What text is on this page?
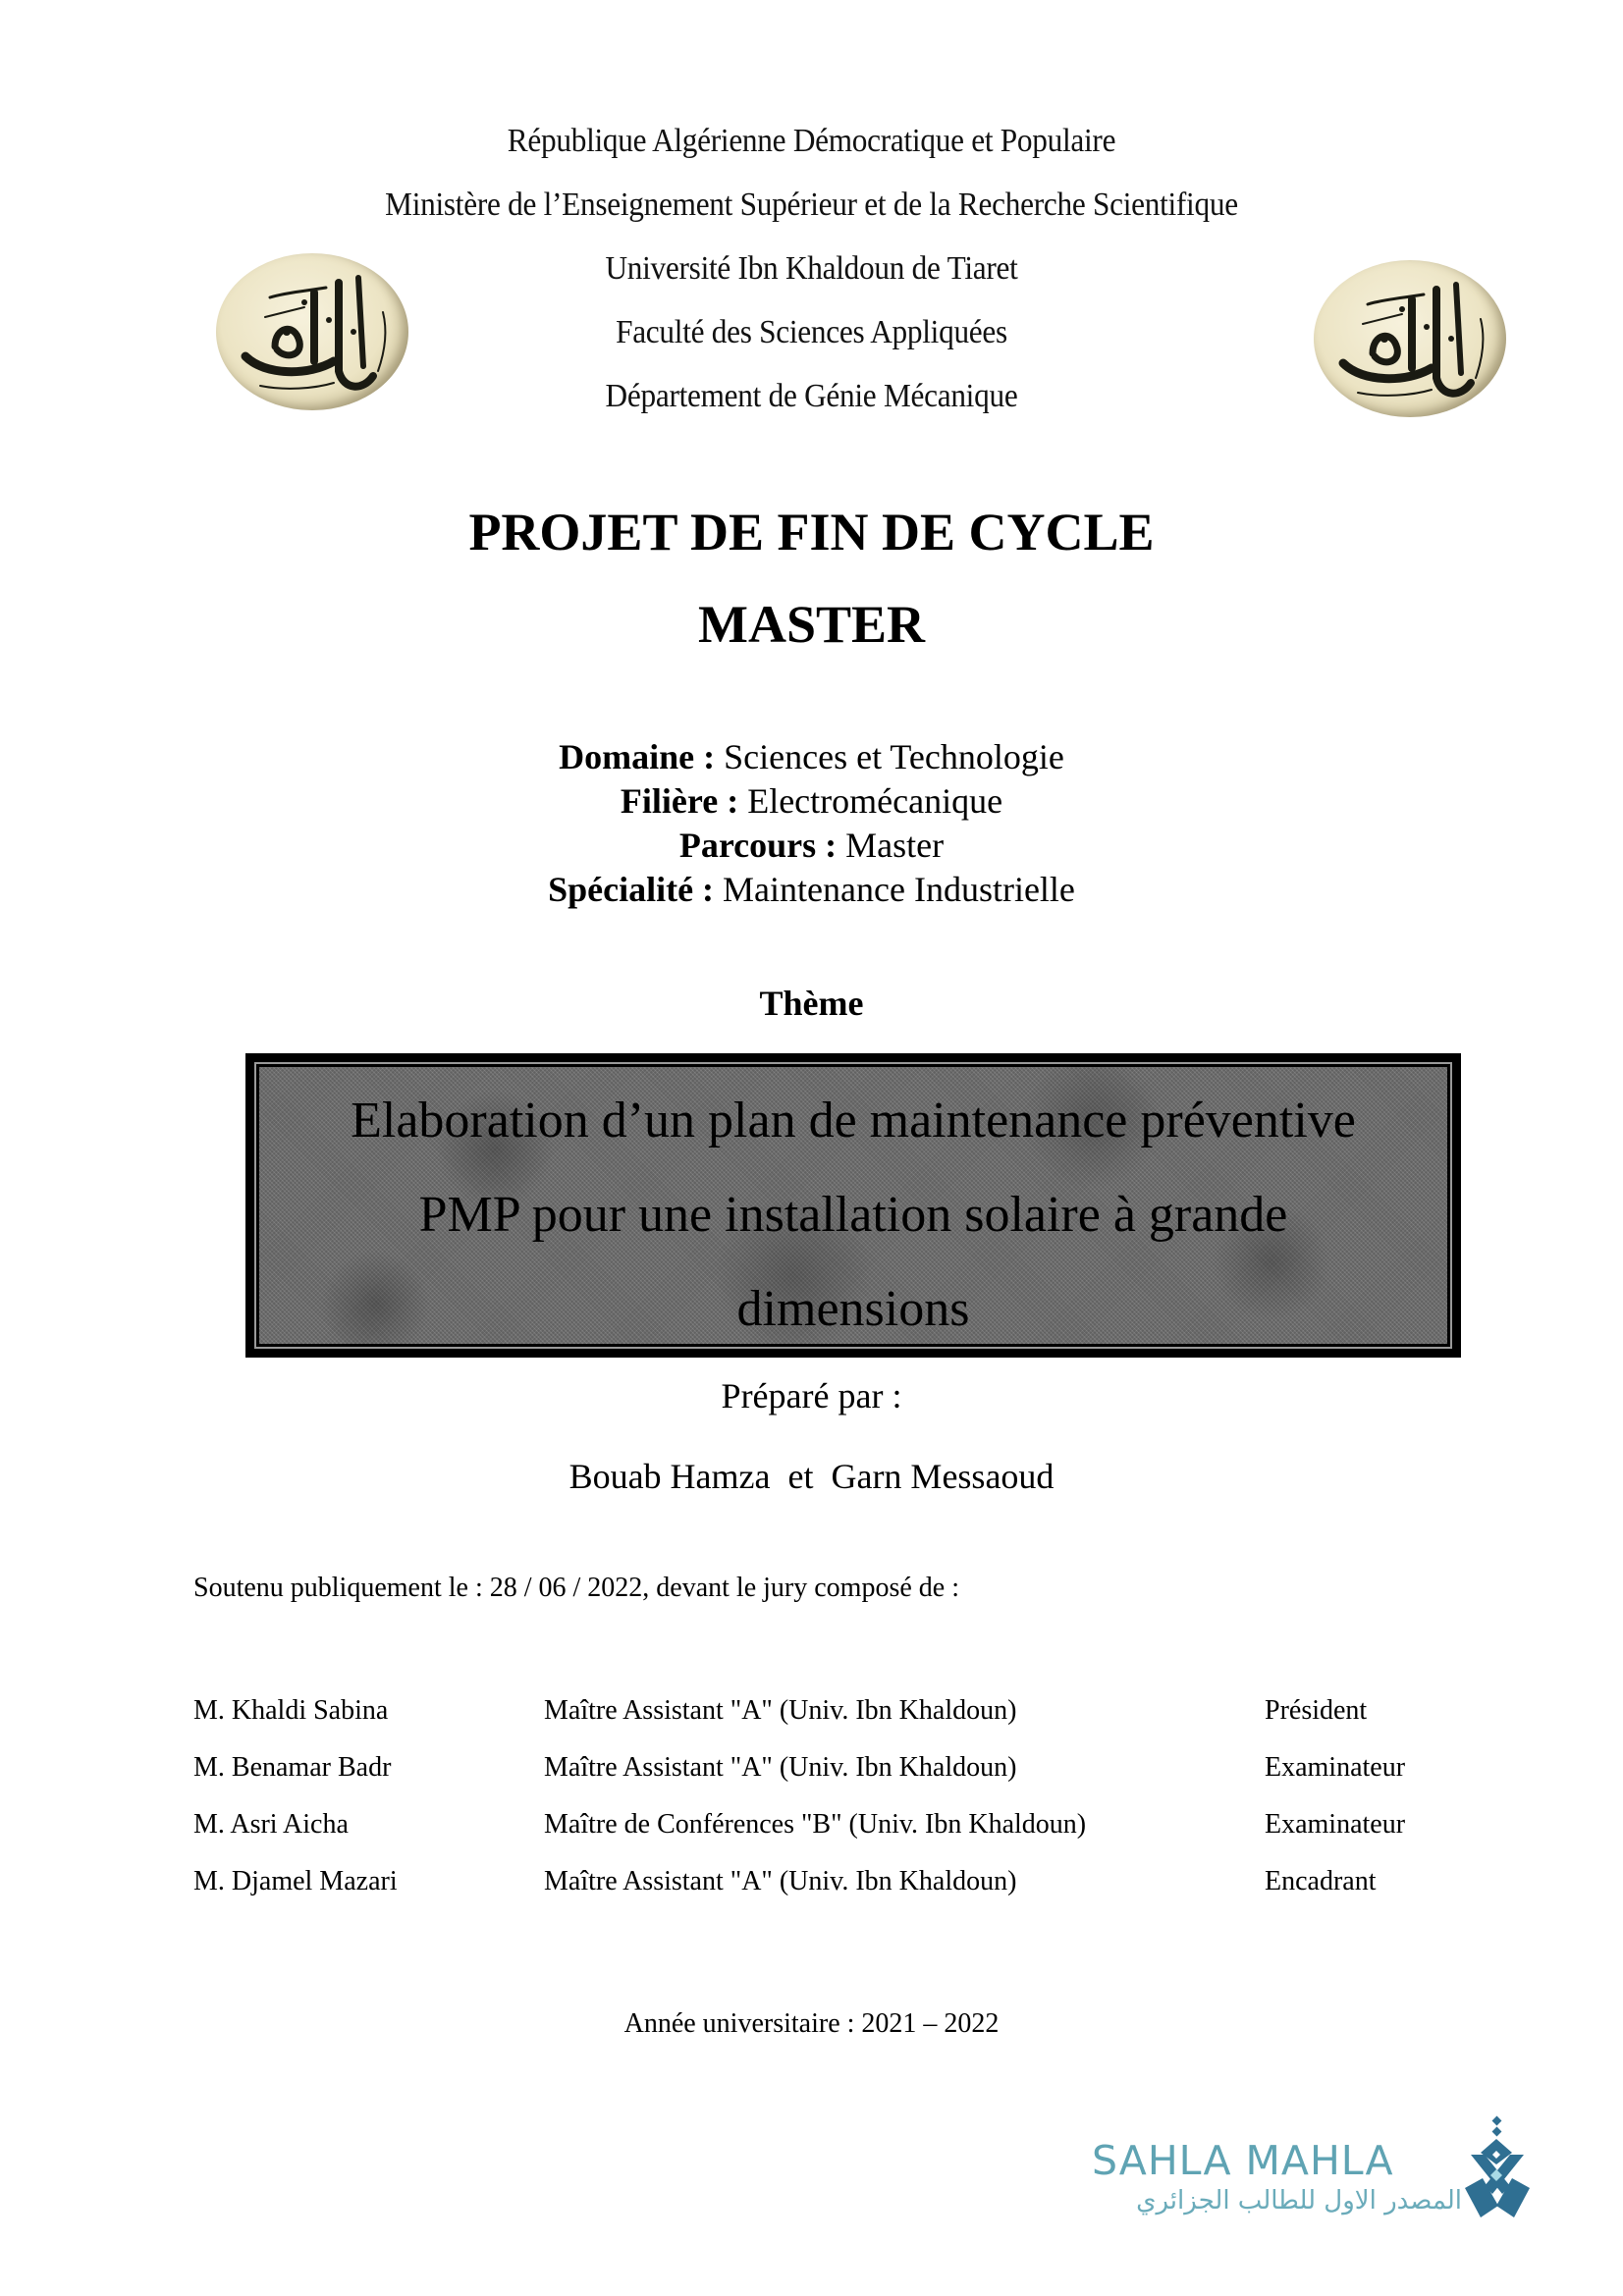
République Algérienne Démocratique et Populaire
Ministère de l’Enseignement Supérieur et de la Recherche Scientifique
Université Ibn Khaldoun de Tiaret
Faculté des Sciences Appliquées
Département de Génie Mécanique
PROJET DE FIN DE CYCLE
MASTER
Domaine : Sciences et Technologie
Filière : Electromécanique
Parcours : Master
Spécialité : Maintenance Industrielle
Thème
Elaboration d’un plan de maintenance préventive
PMP pour une installation solaire à grande
dimensions
Préparé par :
Bouab Hamza  et  Garn Messaoud
Soutenu publiquement le : 28 / 06 / 2022, devant le jury composé de :
M. Khaldi Sabina	Maître Assistant "A" (Univ. Ibn Khaldoun)	Président
M. Benamar Badr	Maître Assistant "A" (Univ. Ibn Khaldoun)	Examinateur
M. Asri Aicha	Maître de Conférences "B" (Univ. Ibn Khaldoun)	Examinateur
M. Djamel Mazari	Maître Assistant "A" (Univ. Ibn Khaldoun)	Encadrant
Année universitaire : 2021 – 2022
SAHLA MAHLA
المصدر الاول للطالب الجزائري
